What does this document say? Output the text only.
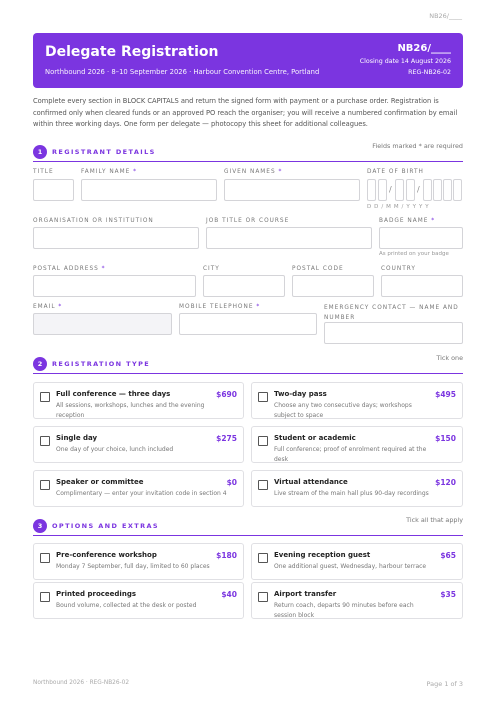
NB26/____
Delegate Registration
Northbound 2026 · 8–10 September 2026 · Harbour Convention Centre, Portland
NB26/____
Closing date 14 August 2026
REG-NB26-02
Complete every section in BLOCK CAPITALS and return the signed form with payment or a purchase order. Registration is confirmed only when cleared funds or an approved PO reach the organiser; you will receive a numbered confirmation by email within three working days. One form per delegate — photocopy this sheet for additional colleagues.
1	REGISTRANT DETAILS
Fields marked * are required
TITLE	FAMILY NAME *	GIVEN NAMES *	DATE OF BIRTH
/	/
D D / M M / Y Y Y Y
ORGANISATION OR INSTITUTION	JOB TITLE OR COURSE	BADGE NAME *
As printed on your badge
POSTAL ADDRESS *	CITY	POSTAL CODE	COUNTRY
EMAIL *	MOBILE TELEPHONE *	EMERGENCY CONTACT — NAME AND NUMBER
2	REGISTRATION TYPE
Tick one
Full conference — three days
All sessions, workshops, lunches and the evening reception
$690	Two-day pass
Choose any two consecutive days; workshops subject to space
$495
Single day
One day of your choice, lunch included
$275	Student or academic
Full conference; proof of enrolment required at the desk
$150
Speaker or committee
Complimentary — enter your invitation code in section 4
$0	Virtual attendance
Live stream of the main hall plus 90-day recordings
$120
3	OPTIONS AND EXTRAS
Tick all that apply
Pre-conference workshop
Monday 7 September, full day, limited to 60 places
$180	Evening reception guest
One additional guest, Wednesday, harbour terrace
$65
Printed proceedings
Bound volume, collected at the desk or posted
$40	Airport transfer
Return coach, departs 90 minutes before each session block
$35
Northbound 2026 · REG-NB26-02	Page 1 of 3
